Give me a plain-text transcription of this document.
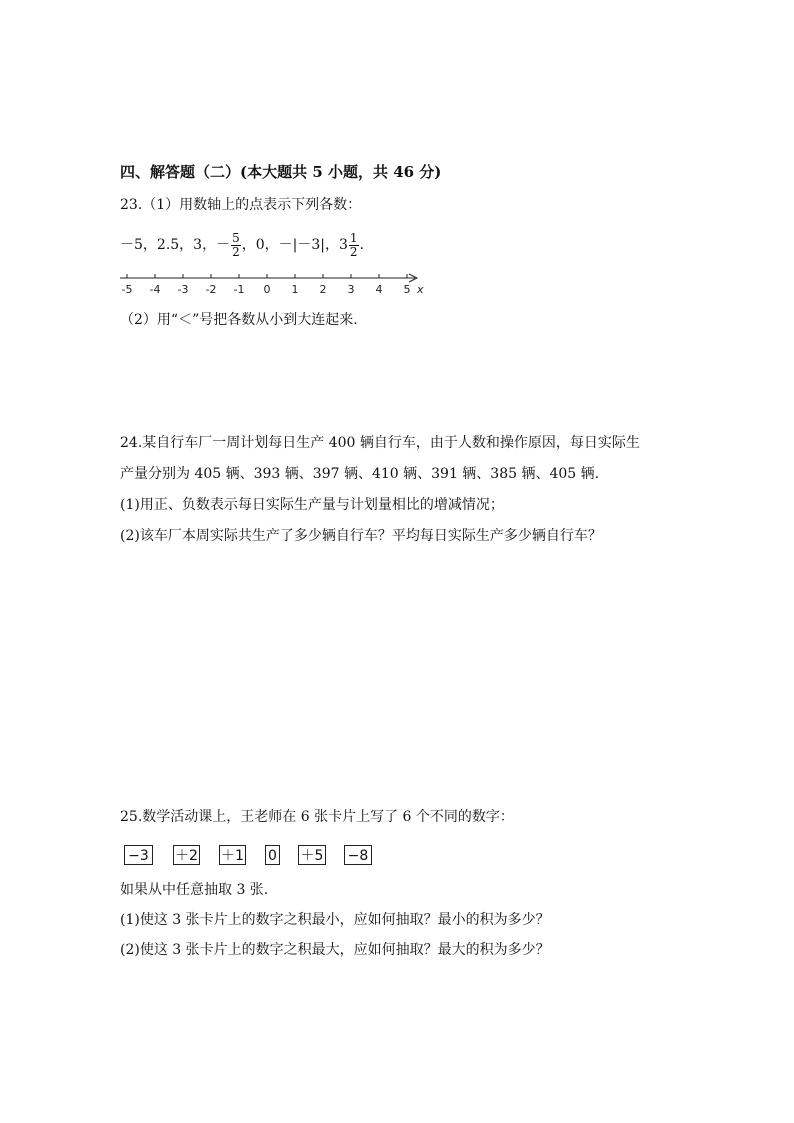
四、解答题（二）(本大题共 5 小题，共 46 分)
23.（1）用数轴上的点表示下列各数：
－5，2.5，3，－ $\frac{5}{2}$ ，0，－|－3|，$3 \frac{1}{2}$ .
-5 -4 -3 -2 -1 0 1 2 3 4 5 x
（2）用“＜”号把各数从小到大连起来.
24.某自行车厂一周计划每日生产 400 辆自行车，由于人数和操作原因，每日实际生
产量分别为 405 辆、393 辆、397 辆、410 辆、391 辆、385 辆、405 辆.
(1)用正、负数表示每日实际生产量与计划量相比的增减情况；
(2)该车厂本周实际共生产了多少辆自行车？平均每日实际生产多少辆自行车？
25.数学活动课上，王老师在 6 张卡片上写了 6 个不同的数字：
−3 ＋2 ＋1 0 ＋5 −8
如果从中任意抽取 3 张.
(1)使这 3 张卡片上的数字之积最小，应如何抽取？最小的积为多少？
(2)使这 3 张卡片上的数字之积最大，应如何抽取？最大的积为多少？
